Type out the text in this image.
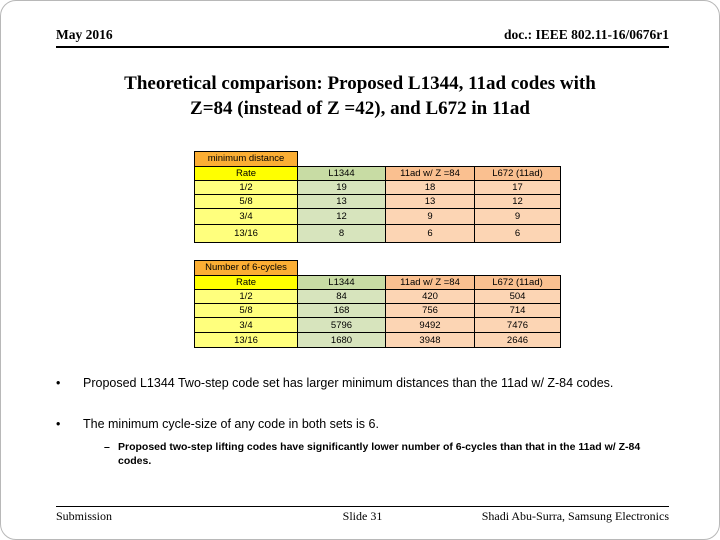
May 2016	doc.: IEEE 802.11-16/0676r1
Theoretical comparison: Proposed L1344, 11ad codes with
Z=84 (instead of Z =42), and L672 in 11ad
minimum distance
Rate	L1344	11ad w/ Z =84	L672 (11ad)
1/2	19	18	17
5/8	13	13	12
3/4	12	9	9
13/16	8	6	6
Number of 6-cycles
Rate	L1344	11ad w/ Z =84	L672 (11ad)
1/2	84	420	504
5/8	168	756	714
3/4	5796	9492	7476
13/16	1680	3948	2646
•	Proposed L1344 Two-step code set has larger minimum distances than the 11ad w/ Z-84 codes.
•	The minimum cycle-size of any code in both sets is 6.
– Proposed two-step lifting codes have significantly lower number of 6-cycles than that in the 11ad w/ Z-84 codes.
Submission	Slide 31	Shadi Abu-Surra, Samsung Electronics
